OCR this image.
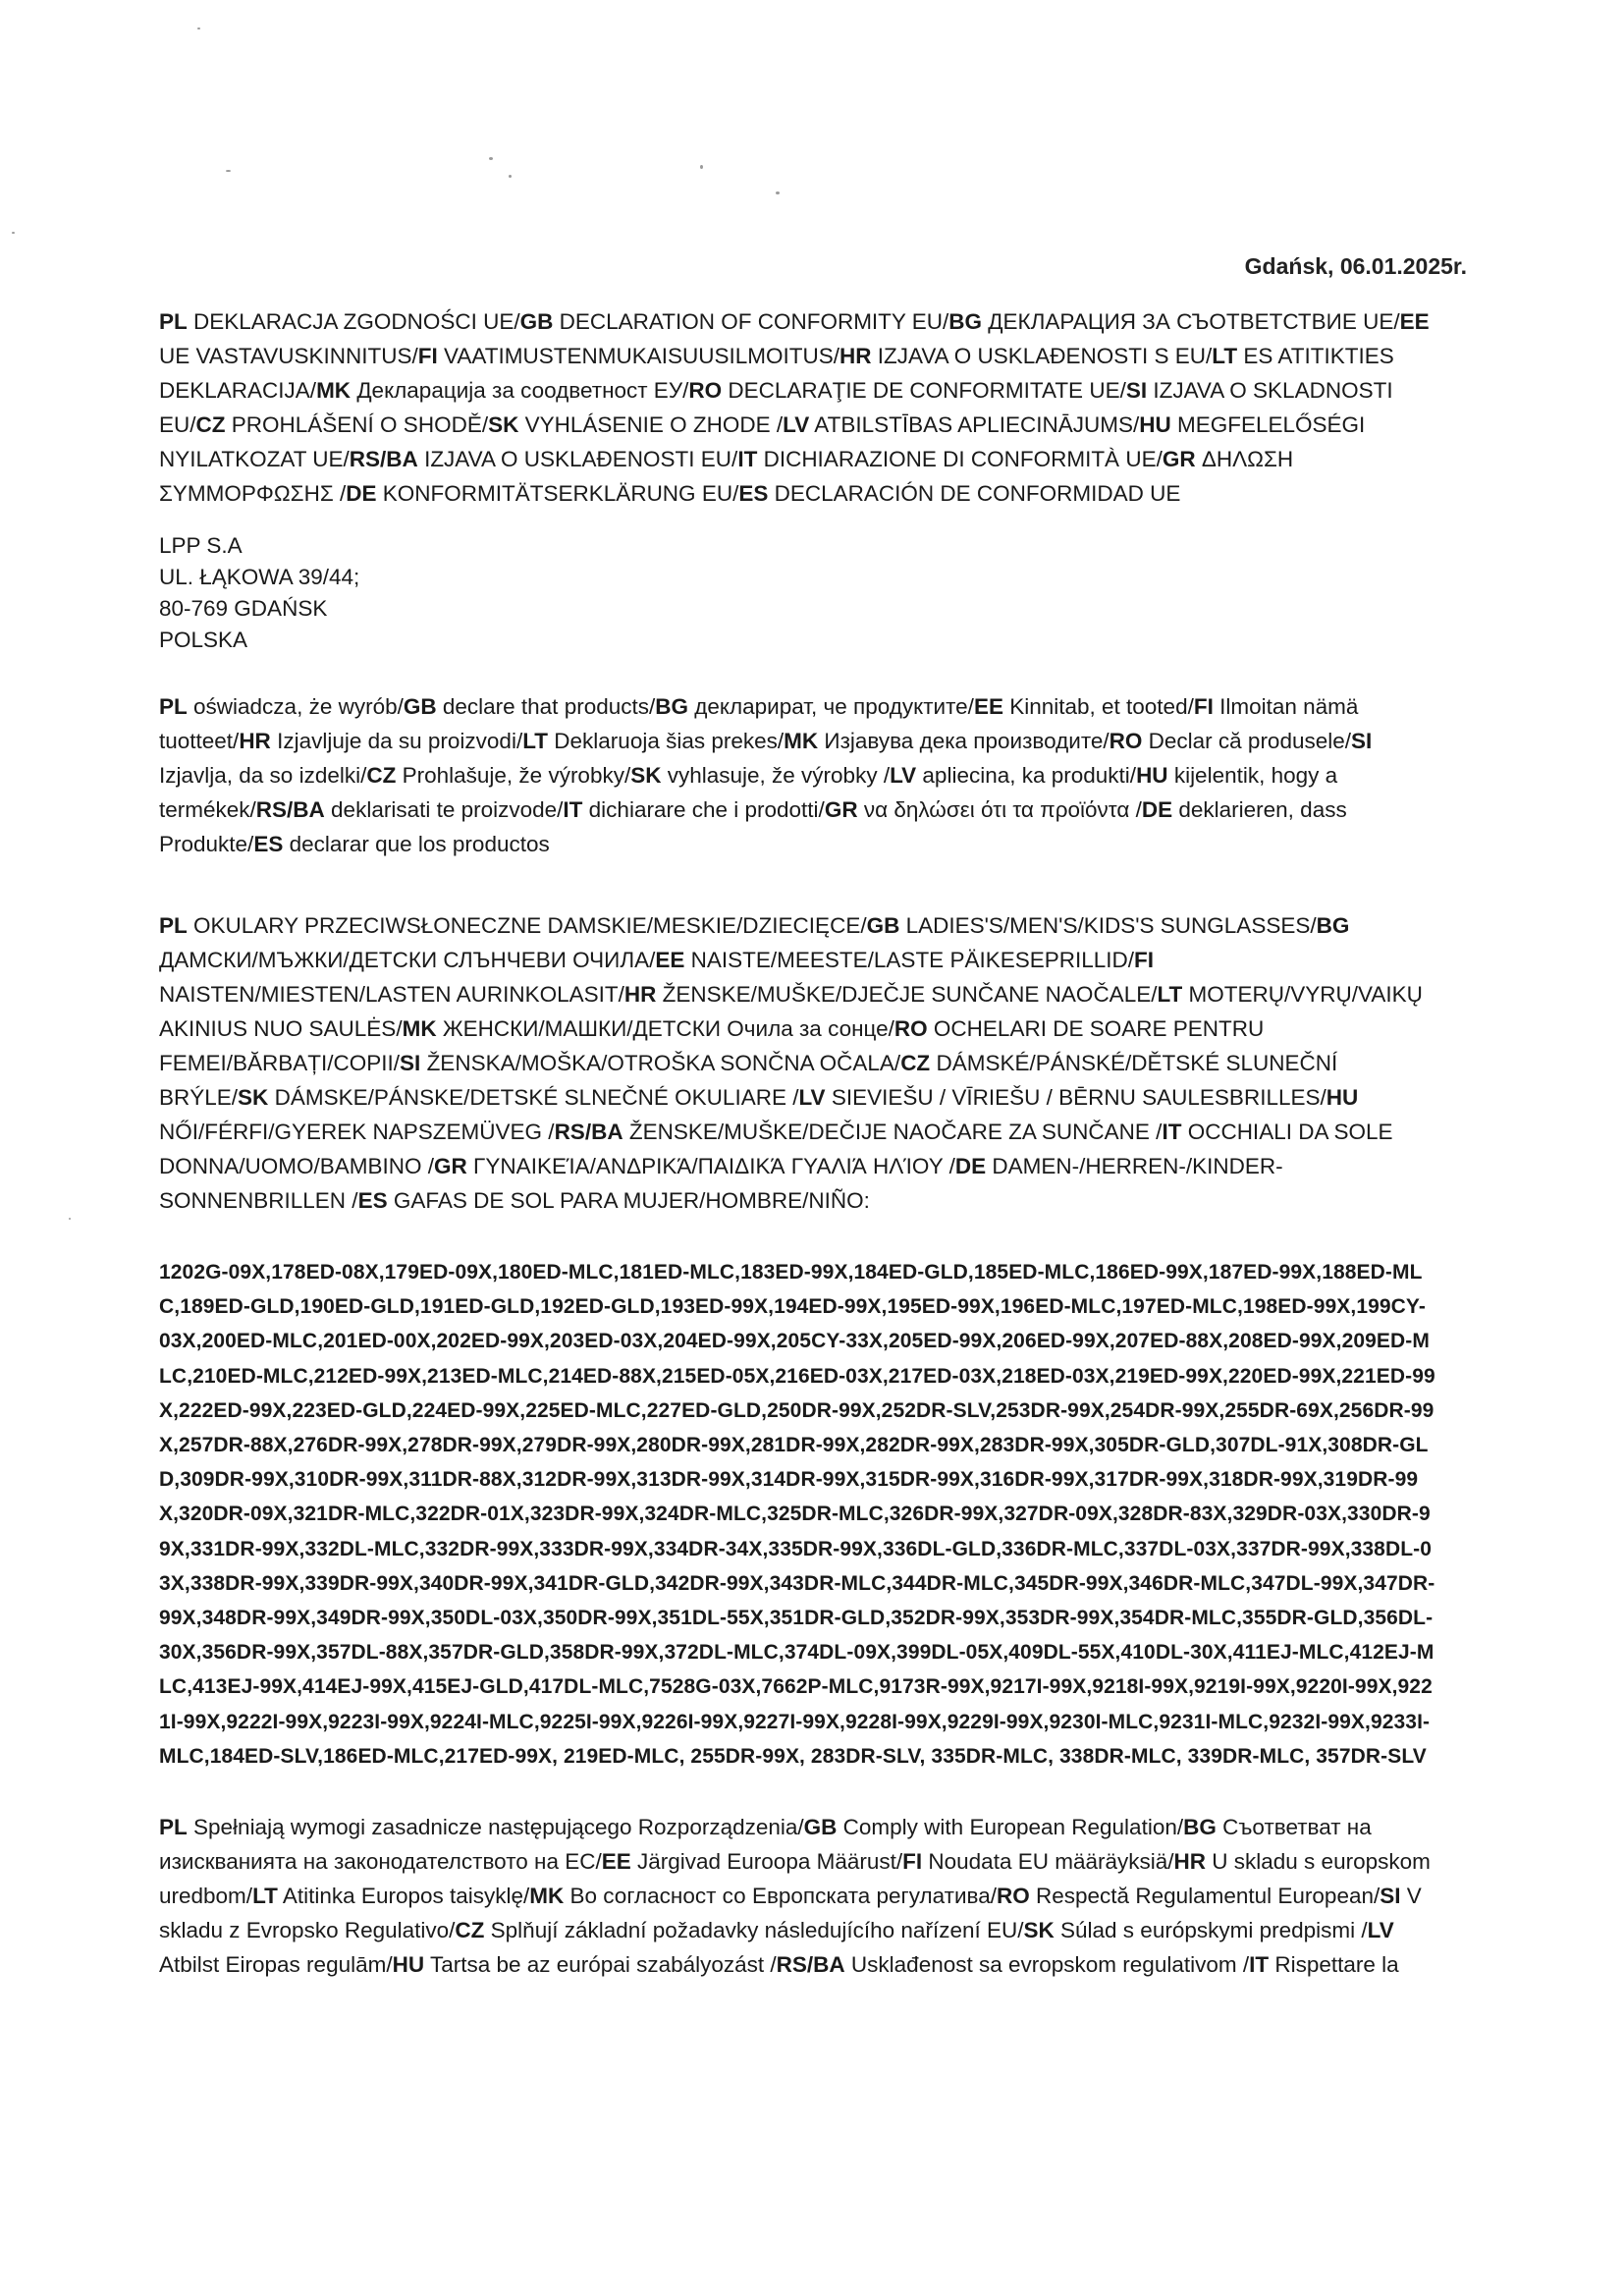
Gdańsk, 06.01.2025r.
PL DEKLARACJA ZGODNOŚCI UE/GB DECLARATION OF CONFORMITY EU/BG ДЕКЛАРАЦИЯ ЗА СЪОТВЕТСТВИЕ UE/EE UE VASTAVUSKINNITUS/FI VAATIMUSTENMUKAISUUSILMOITUS/HR IZJAVA O USKLAĐENOSTI S EU/LT ES ATITIKTIES DEKLARACIJA/MK Декларација за соодветност ЕУ/RO DECLARAŢIE DE CONFORMITATE UE/SI IZJAVA O SKLADNOSTI EU/CZ PROHLÁŠENÍ O SHODĚ/SK VYHLÁSENIE O ZHODE /LV ATBILSTĪBAS APLIECINĀJUMS/HU MEGFELELŐSÉGI NYILATKOZAT UE/RS/BA IZJAVA O USKLAĐENOSTI EU/IT DICHIARAZIONE DI CONFORMITÀ UE/GR ΔΗΛΩΣΗ ΣΥΜΜΟΡΦΩΣΗΣ /DE KONFORMITÄTSERKLÄRUNG EU/ES DECLARACIÓN DE CONFORMIDAD UE
LPP S.A
UL. ŁĄKOWA 39/44;
80-769 GDAŃSK
POLSKA
PL oświadcza, że wyrób/GB declare that products/BG декларират, че продуктите/EE Kinnitab, et tooted/FI Ilmoitan nämä tuotteet/HR Izjavljuje da su proizvodi/LT Deklaruoja šias prekes/MK Изјавува дека производите/RO Declar că produsele/SI Izjavlja, da so izdelki/CZ Prohlašuje, že výrobky/SK vyhlasuje, že výrobky /LV apliecina, ka produkti/HU kijelentik, hogy a termékek/RS/BA deklarisati te proizvode/IT dichiarare che i prodotti/GR να δηλώσει ότι τα προϊόντα /DE deklarieren, dass Produkte/ES declarar que los productos
PL OKULARY PRZECIWSŁONECZNE DAMSKIE/MESKIE/DZIECIĘCE/GB LADIES'S/MEN'S/KIDS'S SUNGLASSES/BG ДАМСКИ/МЪЖКИ/ДЕТСКИ СЛЪНЧЕВИ ОЧИЛА/EE NAISTE/MEESTE/LASTE PÄIKESEPRILLID/FI NAISTEN/MIESTEN/LASTEN AURINKOLASIT/HR ŽENSKE/MUŠKE/DJEČJE SUNČANE NAOČALE/LT MOTERŲ/VYRŲ/VAIKŲ AKINIUS NUO SAULĖS/MK ЖЕНСКИ/МАШКИ/ДЕТСКИ Очила за сонце/RO OCHELARI DE SOARE PENTRU FEMEI/BĂRBAȚI/COPII/SI ŽENSKA/MOŠKA/OTROŠKA SONČNA OČALA/CZ DÁMSKÉ/PÁNSKÉ/DĚTSKÉ SLUNEČNÍ BRÝLE/SK DÁMSKE/PÁNSKE/DETSKÉ SLNEČNÉ OKULIARE /LV SIEVIEŠU / VĪRIEŠU / BĒRNU SAULESBRILLES/HU NŐI/FÉRFI/GYEREK NAPSZEMÜVEG /RS/BA ŽENSKE/MUŠKE/DEČIJE NAOČARE ZA SUNČANE /IT OCCHIALI DA SOLE DONNA/UOMO/BAMBINO /GR ΓΥΝΑΙΚΕΊΑ/ΑΝΔΡΙΚΆ/ΠΑΙΔΙΚΆ ΓΥΑΛΙΆ ΗΛΊΟΥ /DE DAMEN-/HERREN-/KINDER-SONNENBRILLEN /ES GAFAS DE SOL PARA MUJER/HOMBRE/NIÑO:
1202G-09X,178ED-08X,179ED-09X,180ED-MLC,181ED-MLC,183ED-99X,184ED-GLD,185ED-MLC,186ED-99X,187ED-99X,188ED-MLC,189ED-GLD,190ED-GLD,191ED-GLD,192ED-GLD,193ED-99X,194ED-99X,195ED-99X,196ED-MLC,197ED-MLC,198ED-99X,199CY-03X,200ED-MLC,201ED-00X,202ED-99X,203ED-03X,204ED-99X,205CY-33X,205ED-99X,206ED-99X,207ED-88X,208ED-99X,209ED-MLC,210ED-MLC,212ED-99X,213ED-MLC,214ED-88X,215ED-05X,216ED-03X,217ED-03X,218ED-03X,219ED-99X,220ED-99X,221ED-99X,222ED-99X,223ED-GLD,224ED-99X,225ED-MLC,227ED-GLD,250DR-99X,252DR-SLV,253DR-99X,254DR-99X,255DR-69X,256DR-99X,257DR-88X,276DR-99X,278DR-99X,279DR-99X,280DR-99X,281DR-99X,282DR-99X,283DR-99X,305DR-GLD,307DL-91X,308DR-GLD,309DR-99X,310DR-99X,311DR-88X,312DR-99X,313DR-99X,314DR-99X,315DR-99X,316DR-99X,317DR-99X,318DR-99X,319DR-99X,320DR-09X,321DR-MLC,322DR-01X,323DR-99X,324DR-MLC,325DR-MLC,326DR-99X,327DR-09X,328DR-83X,329DR-03X,330DR-99X,331DR-99X,332DL-MLC,332DR-99X,333DR-99X,334DR-34X,335DR-99X,336DL-GLD,336DR-MLC,337DL-03X,337DR-99X,338DL-03X,338DR-99X,339DR-99X,340DR-99X,341DR-GLD,342DR-99X,343DR-MLC,344DR-MLC,345DR-99X,346DR-MLC,347DL-99X,347DR-99X,348DR-99X,349DR-99X,350DL-03X,350DR-99X,351DL-55X,351DR-GLD,352DR-99X,353DR-99X,354DR-MLC,355DR-GLD,356DL-30X,356DR-99X,357DL-88X,357DR-GLD,358DR-99X,372DL-MLC,374DL-09X,399DL-05X,409DL-55X,410DL-30X,411EJ-MLC,412EJ-MLC,413EJ-99X,414EJ-99X,415EJ-GLD,417DL-MLC,7528G-03X,7662P-MLC,9173R-99X,9217I-99X,9218I-99X,9219I-99X,9220I-99X,9221I-99X,9222I-99X,9223I-99X,9224I-MLC,9225I-99X,9226I-99X,9227I-99X,9228I-99X,9229I-99X,9230I-MLC,9231I-MLC,9232I-99X,9233I-MLC,184ED-SLV,186ED-MLC,217ED-99X, 219ED-MLC, 255DR-99X, 283DR-SLV, 335DR-MLC, 338DR-MLC, 339DR-MLC, 357DR-SLV
PL Spełniają wymogi zasadnicze następującego Rozporządzenia/GB Comply with European Regulation/BG Съответват на изискванията на законодателството на ЕС/EE Järgivad Euroopa Määrust/FI Noudata EU määräyksiä/HR U skladu s europskom uredbom/LT Atitinka Europos taisyklę/MK Во согласност со Европската регулатива/RO Respectă Regulamentul European/SI V skladu z Evropsko Regulativo/CZ Splňují základní požadavky následujícího nařízení EU/SK Súlad s európskymi predpismi /LV Atbilst Eiropas regulām/HU Tartsa be az európai szabályozást /RS/BA Usklađenost sa evropskom regulativom /IT Rispettare la
